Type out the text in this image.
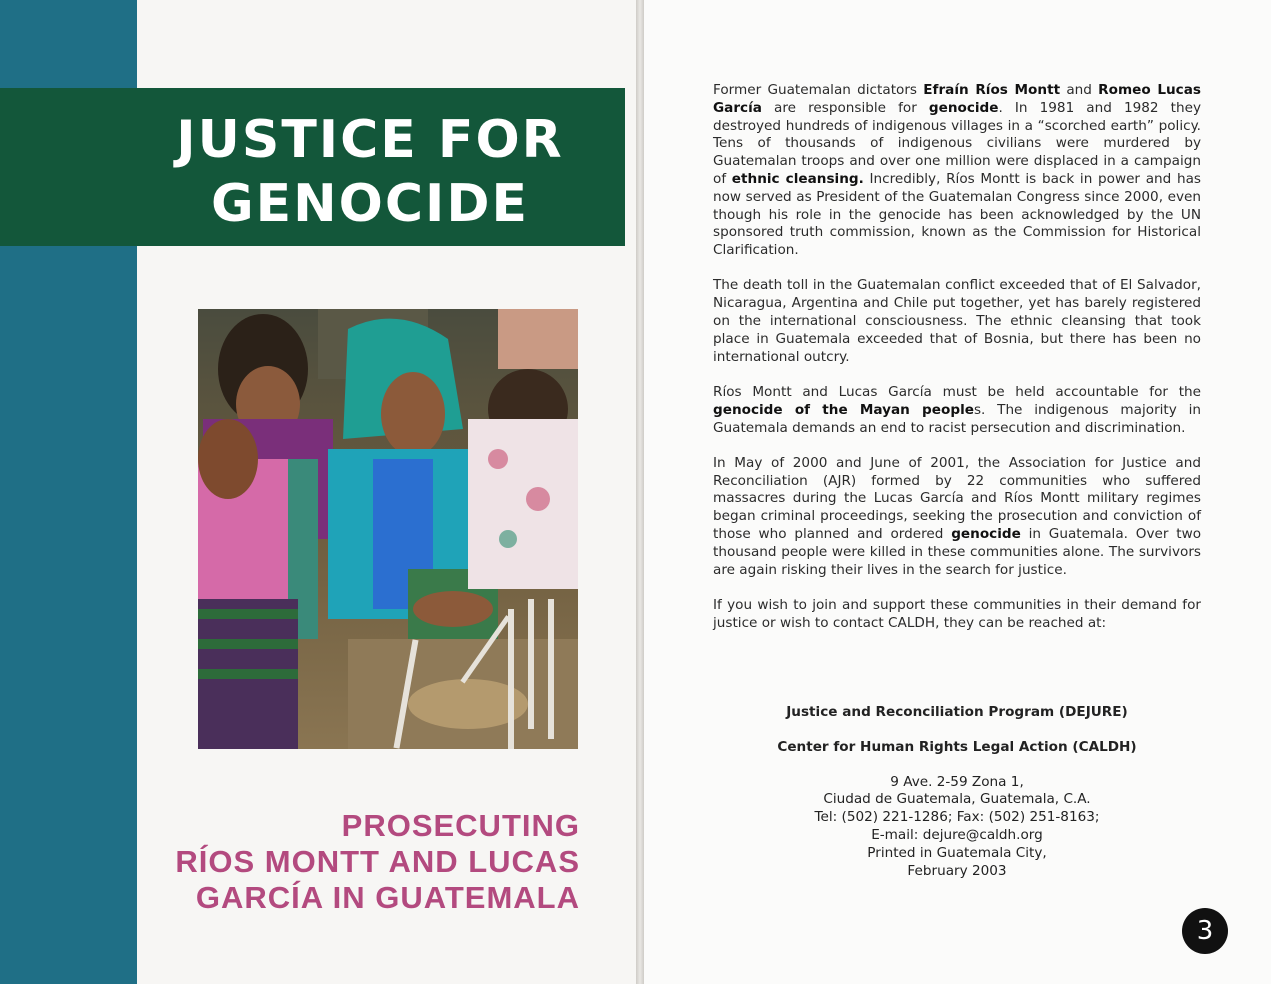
JUSTICE FOR GENOCIDE
PROSECUTING
RÍOS MONTT AND LUCAS
GARCÍA IN GUATEMALA

Former Guatemalan dictators Efraín Ríos Montt and Romeo Lucas García are responsible for genocide. In 1981 and 1982 they destroyed hundreds of indigenous villages in a “scorched earth” policy. Tens of thousands of indigenous civilians were murdered by Guatemalan troops and over one million were displaced in a campaign of ethnic cleansing. Incredibly, Ríos Montt is back in power and has now served as President of the Guatemalan Congress since 2000, even though his role in the genocide has been acknowledged by the UN sponsored truth commission, known as the Commission for Historical Clarification.

The death toll in the Guatemalan conflict exceeded that of El Salvador, Nicaragua, Argentina and Chile put together, yet has barely registered on the international consciousness. The ethnic cleansing that took place in Guatemala exceeded that of Bosnia, but there has been no international outcry.

Ríos Montt and Lucas García must be held accountable for the genocide of the Mayan peoples. The indigenous majority in Guatemala demands an end to racist persecution and discrimination.

In May of 2000 and June of 2001, the Association for Justice and Reconciliation (AJR) formed by 22 communities who suffered massacres during the Lucas García and Ríos Montt military regimes began criminal proceedings, seeking the prosecution and conviction of those who planned and ordered genocide in Guatemala. Over two thousand people were killed in these communities alone. The survivors are again risking their lives in the search for justice.

If you wish to join and support these communities in their demand for justice or wish to contact CALDH, they can be reached at:

Justice and Reconciliation Program (DEJURE)
Center for Human Rights Legal Action (CALDH)
9 Ave. 2-59 Zona 1,
Ciudad de Guatemala, Guatemala, C.A.
Tel: (502) 221-1286; Fax: (502) 251-8163;
E-mail: dejure@caldh.org
Printed in Guatemala City,
February 2003
3
